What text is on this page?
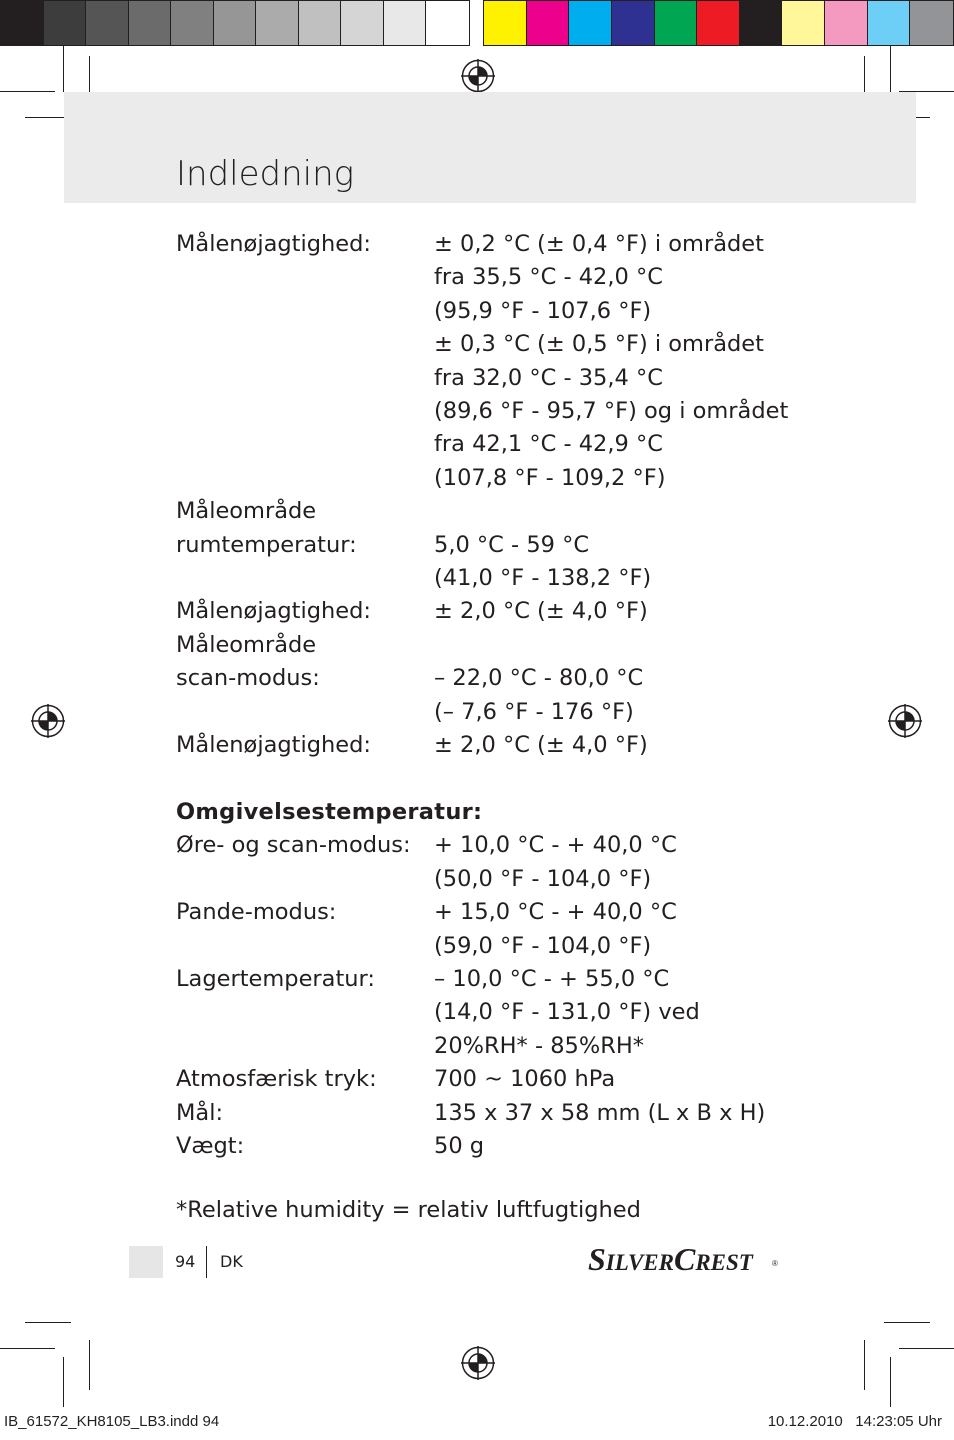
Indledning
Målenøjagtighed:	± 0,2 °C (± 0,4 °F) i området
fra 35,5 °C - 42,0 °C
(95,9 °F - 107,6 °F)
± 0,3 °C (± 0,5 °F) i området
fra 32,0 °C - 35,4 °C
(89,6 °F - 95,7 °F) og i området
fra 42,1 °C - 42,9 °C
(107,8 °F - 109,2 °F)
Måleområde
rumtemperatur:	5,0 °C - 59 °C
(41,0 °F - 138,2 °F)
Målenøjagtighed:	± 2,0 °C (± 4,0 °F)
Måleområde
scan-modus:	– 22,0 °C - 80,0 °C
(– 7,6 °F - 176 °F)
Målenøjagtighed:	± 2,0 °C (± 4,0 °F)
Omgivelsestemperatur:
Øre- og scan-modus:	+ 10,0 °C - + 40,0 °C
(50,0 °F - 104,0 °F)
Pande-modus:	+ 15,0 °C - + 40,0 °C
(59,0 °F - 104,0 °F)
Lagertemperatur:	– 10,0 °C - + 55,0 °C
(14,0 °F - 131,0 °F) ved
20%RH* - 85%RH*
Atmosfærisk tryk:	700 ~ 1060 hPa
Mål:	135 x 37 x 58 mm (L x B x H)
Vægt:	50 g
*Relative humidity = relativ luftfugtighed
94 DK	SILVERCREST ®
IB_61572_KH8105_LB3.indd 94	10.12.2010   14:23:05 Uhr
